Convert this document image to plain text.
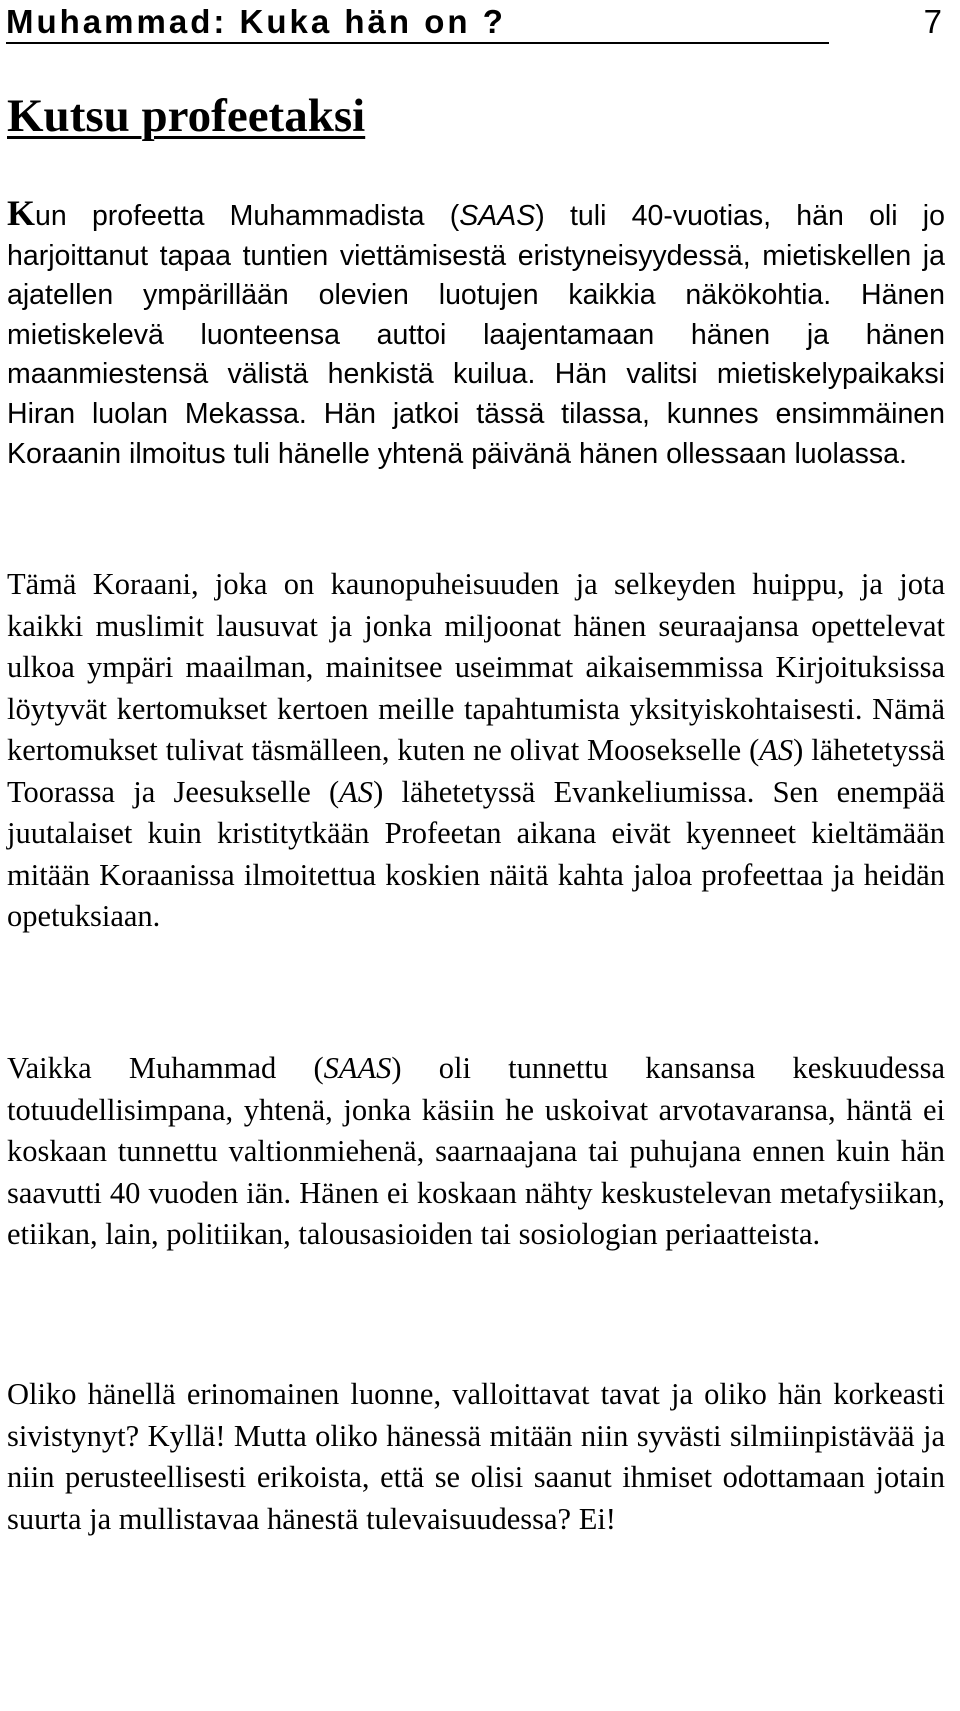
Muhammad: Kuka hän on ?	7
Kutsu profeetaksi

Kun profeetta Muhammadista (SAAS) tuli 40-vuotias, hän oli jo harjoittanut tapaa tuntien viettämisestä eristyneisyydessä, mietiskellen ja ajatellen ympärillään olevien luotujen kaikkia näkökohtia. Hänen mietiskelevä luonteensa auttoi laajentamaan hänen ja hänen maanmiestensä välistä henkistä kuilua. Hän valitsi mietiskelypaikaksi Hiran luolan Mekassa. Hän jatkoi tässä tilassa, kunnes ensimmäinen Koraanin ilmoitus tuli hänelle yhtenä päivänä hänen ollessaan luolassa.

Tämä Koraani, joka on kaunopuheisuuden ja selkeyden huippu, ja jota kaikki muslimit lausuvat ja jonka miljoonat hänen seuraajansa opettelevat ulkoa ympäri maailman, mainitsee useimmat aikaisemmissa Kirjoituksissa löytyvät kertomukset kertoen meille tapahtumista yksityiskohtaisesti. Nämä kertomukset tulivat täsmälleen, kuten ne olivat Moosekselle (AS) lähetetyssä Toorassa ja Jeesukselle (AS) lähetetyssä Evankeliumissa. Sen enempää juutalaiset kuin kristitytkään Profeetan aikana eivät kyenneet kieltämään mitään Koraanissa ilmoitettua koskien näitä kahta jaloa profeettaa ja heidän opetuksiaan.

Vaikka Muhammad (SAAS) oli tunnettu kansansa keskuudessa totuudellisimpana, yhtenä, jonka käsiin he uskoivat arvotavaransa, häntä ei koskaan tunnettu valtionmiehenä, saarnaajana tai puhujana ennen kuin hän saavutti 40 vuoden iän. Hänen ei koskaan nähty keskustelevan metafysiikan, etiikan, lain, politiikan, talousasioiden tai sosiologian periaatteista.

Oliko hänellä erinomainen luonne, valloittavat tavat ja oliko hän korkeasti sivistynyt? Kyllä! Mutta oliko hänessä mitään niin syvästi silmiinpistävää ja niin perusteellisesti erikoista, että se olisi saanut ihmiset odottamaan jotain suurta ja mullistavaa hänestä tulevaisuudessa? Ei!
